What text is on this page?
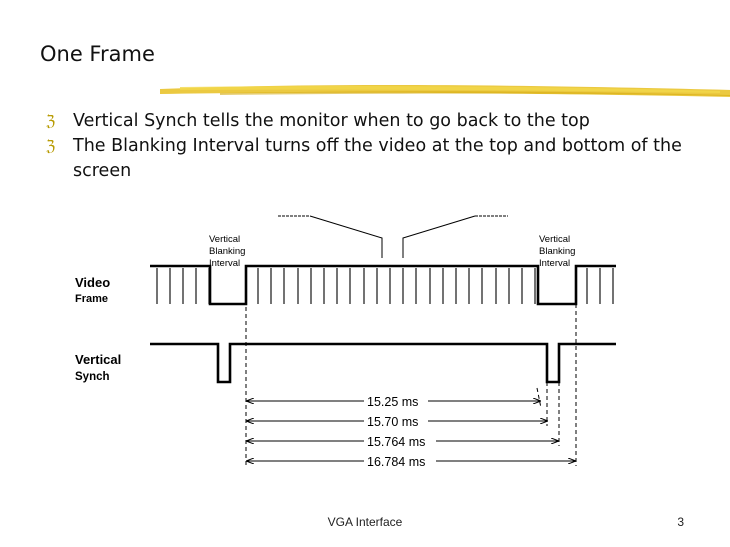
One Frame
ℨ Vertical Synch tells the monitor when to go back to the top
ℨ The Blanking Interval turns off the video at the top and bottom of the screen
Vertical Blanking Interval
Vertical Blanking Interval
Video Frame
Vertical Synch
15.25 ms
15.70 ms
15.764 ms
16.784 ms
VGA Interface	3
